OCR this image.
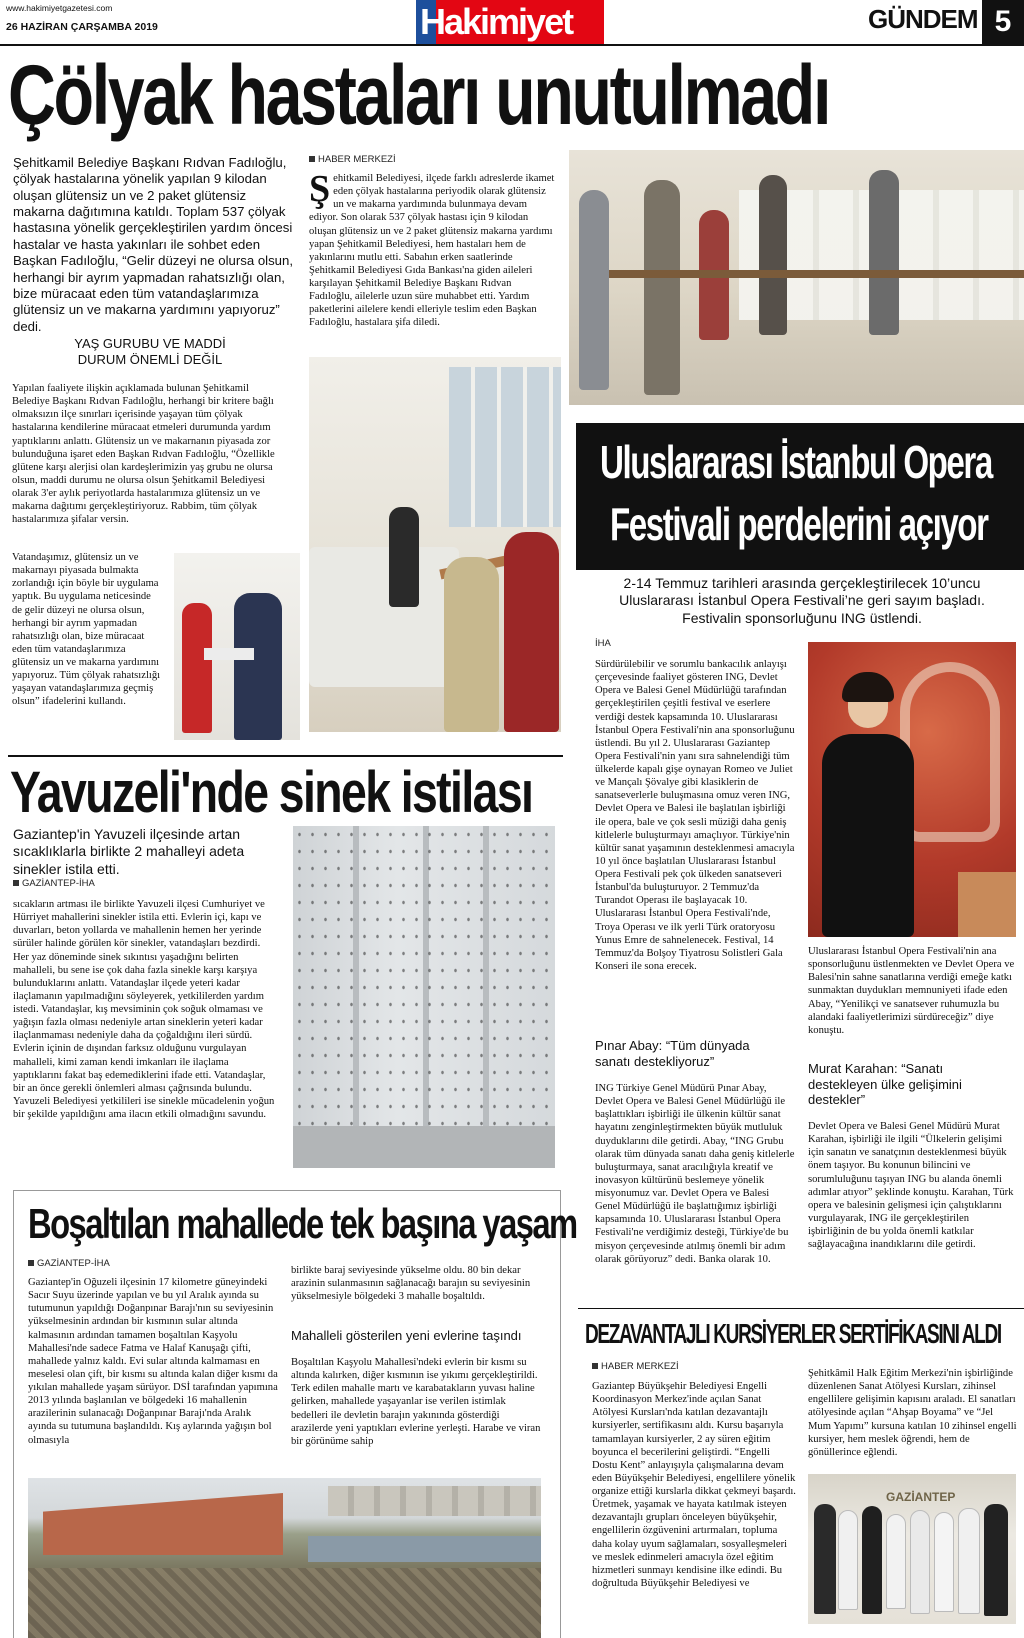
www.hakimiyetgazetesi.com
26 HAZİRAN ÇARŞAMBA 2019	Hakimiyet	GÜNDEM 5
Çölyak hastaları unutulmadı
Şehitkamil Belediye Başkanı Rıdvan Fadıloğlu, çölyak hastalarına yönelik yapılan 9 kilodan oluşan glütensiz un ve 2 paket glütensiz makarna dağıtımına katıldı. Toplam 537 çölyak hastasına yönelik gerçekleştirilen yardım öncesi hastalar ve hasta yakınları ile sohbet eden Başkan Fadıloğlu, “Gelir düzeyi ne olursa olsun, herhangi bir ayrım yapmadan rahatsızlığı olan, bize müracaat eden tüm vatandaşlarımıza glütensiz un ve makarna yardımını yapıyoruz” dedi.
YAŞ GURUBU VE MADDİ DURUM ÖNEMLİ DEĞİL
HABER MERKEZİ
Şehitkamil Belediyesi, ilçede farklı adreslerde ikamet eden çölyak hastalarına periyodik olarak glütensiz un ve makarna yardımında bulunmaya devam ediyor. Son olarak 537 çölyak hastası için 9 kilodan oluşan glütensiz un ve 2 paket glütensiz makarna yardımı yapan Şehitkamil Belediyesi, hem hastaları hem de yakınlarını mutlu etti. Sabahın erken saatlerinde Şehitkamil Belediyesi Gıda Bankası'na giden aileleri karşılayan Şehitkamil Belediye Başkanı Rıdvan Fadıloğlu, ailelerle uzun süre muhabbet etti. Yardım paketlerini ailelere kendi elleriyle teslim eden Başkan Fadıloğlu, hastalara şifa diledi.
Yapılan faaliyete ilişkin açıklamada bulunan Şehitkamil Belediye Başkanı Rıdvan Fadıloğlu, herhangi bir kritere bağlı olmaksızın ilçe sınırları içerisinde yaşayan tüm çölyak hastalarına kendilerine müracaat etmeleri durumunda yardım yaptıklarını anlattı. Glütensiz un ve makarnanın piyasada zor bulunduğuna işaret eden Başkan Rıdvan Fadıloğlu, “Özellikle glütene karşı alerjisi olan kardeşlerimizin yaş grubu ne olursa olsun, maddi durumu ne olursa olsun Şehitkamil Belediyesi olarak 3'er aylık periyotlarda hastalarımıza glütensiz un ve makarna dağıtımı gerçekleştiriyoruz. Rabbim, tüm çölyak hastalarımıza şifalar versin.
Vatandaşımız, glütensiz un ve makarnayı piyasada bulmakta zorlandığı için böyle bir uygulama yaptık. Bu uygulama neticesinde de gelir düzeyi ne olursa olsun, herhangi bir ayrım yapmadan rahatsızlığı olan, bize müracaat eden tüm vatandaşlarımıza glütensiz un ve makarna yardımını yapıyoruz. Tüm çölyak rahatsızlığı yaşayan vatandaşlarımıza geçmiş olsun” ifadelerini kullandı.
Uluslararası İstanbul Opera
Festivali perdelerini açıyor
2-14 Temmuz tarihleri arasında gerçekleştirilecek 10’uncu Uluslararası İstanbul Opera Festivali’ne geri sayım başladı. Festivalin sponsorluğunu ING üstlendi.
İHA
Sürdürülebilir ve sorumlu bankacılık anlayışı çerçevesinde faaliyet gösteren ING, Devlet Opera ve Balesi Genel Müdürlüğü tarafından gerçekleştirilen çeşitli festival ve eserlere verdiği destek kapsamında 10. Uluslararası İstanbul Opera Festivali'nin ana sponsorluğunu üstlendi. Bu yıl 2. Uluslararası Gaziantep Opera Festivali'nin yanı sıra sahnelendiği tüm ülkelerde kapalı gişe oynayan Romeo ve Juliet ve Mançalı Şövalye gibi klasiklerin de sanatseverlerle buluşmasına omuz veren ING, Devlet Opera ve Balesi ile başlatılan işbirliği ile opera, bale ve çok sesli müziği daha geniş kitlelerle buluşturmayı amaçlıyor. Türkiye'nin kültür sanat yaşamının desteklenmesi amacıyla 10 yıl önce başlatılan Uluslararası İstanbul Opera Festivali pek çok ülkeden sanatseveri İstanbul'da buluşturuyor. 2 Temmuz'da Turandot Operası ile başlayacak 10. Uluslararası İstanbul Opera Festivali'nde, Troya Operası ve ilk yerli Türk oratoryosu Yunus Emre de sahnelenecek. Festival, 14 Temmuz'da Bolşoy Tiyatrosu Solistleri Gala Konseri ile sona erecek.
Pınar Abay: “Tüm dünyada sanatı destekliyoruz”
ING Türkiye Genel Müdürü Pınar Abay, Devlet Opera ve Balesi Genel Müdürlüğü ile başlattıkları işbirliği ile ülkenin kültür sanat hayatını zenginleştirmekten büyük mutluluk duyduklarını dile getirdi. Abay, “ING Grubu olarak tüm dünyada sanatı daha geniş kitlelerle buluşturmaya, sanat aracılığıyla kreatif ve inovasyon kültürünü beslemeye yönelik misyonumuz var. Devlet Opera ve Balesi Genel Müdürlüğü ile başlattığımız işbirliği kapsamında 10. Uluslararası İstanbul Opera Festivali'ne verdiğimiz desteği, Türkiye'de bu misyon çerçevesinde atılmış önemli bir adım olarak görüyoruz” dedi. Banka olarak 10.
Uluslararası İstanbul Opera Festivali'nin ana sponsorluğunu üstlenmekten ve Devlet Opera ve Balesi'nin sahne sanatlarına verdiği emeğe katkı sunmaktan duydukları memnuniyeti ifade eden Abay, “Yenilikçi ve sanatsever ruhumuzla bu alandaki faaliyetlerimizi sürdüreceğiz” diye konuştu.
Murat Karahan: “Sanatı destekleyen ülke gelişimini destekler”
Devlet Opera ve Balesi Genel Müdürü Murat Karahan, işbirliği ile ilgili “Ülkelerin gelişimi için sanatın ve sanatçının desteklenmesi büyük önem taşıyor. Bu konunun bilincini ve sorumluluğunu taşıyan ING bu alanda önemli adımlar atıyor” şeklinde konuştu. Karahan, Türk opera ve balesinin gelişmesi için çalıştıklarını vurgulayarak, ING ile gerçekleştirilen işbirliğinin de bu yolda önemli katkılar sağlayacağına inandıklarını dile getirdi.
Yavuzeli'nde sinek istilası
Gaziantep'in Yavuzeli ilçesinde artan sıcaklıklarla birlikte 2 mahalleyi adeta sinekler istila etti.
GAZİANTEP-İHA
sıcakların artması ile birlikte Yavuzeli ilçesi Cumhuriyet ve Hürriyet mahallerini sinekler istila etti. Evlerin içi, kapı ve duvarları, beton yollarda ve mahallenin hemen her yerinde sürüler halinde görülen kör sinekler, vatandaşları bezdirdi. Her yaz döneminde sinek sıkıntısı yaşadığını belirten mahalleli, bu sene ise çok daha fazla sinekle karşı karşıya bulunduklarını anlattı. Vatandaşlar ilçede yeteri kadar ilaçlamanın yapılmadığını söyleyerek, yetkililerden yardım istedi. Vatandaşlar, kış mevsiminin çok soğuk olmaması ve yağışın fazla olması nedeniyle artan sineklerin yeteri kadar ilaçlanmaması nedeniyle daha da çoğaldığını ileri sürdü. Evlerin içinin de dışından farksız olduğunu vurgulayan mahalleli, kimi zaman kendi imkanları ile ilaçlama yaptıklarını fakat baş edemediklerini ifade etti. Vatandaşlar, bir an önce gerekli önlemleri alması çağrısında bulundu. Yavuzeli Belediyesi yetkilileri ise sinekle mücadelenin yoğun bir şekilde yapıldığını ama ilacın etkili olmadığını savundu.
Boşaltılan mahallede tek başına yaşam
GAZİANTEP-İHA
Gaziantep'in Oğuzeli ilçesinin 17 kilometre güneyindeki Sacır Suyu üzerinde yapılan ve bu yıl Aralık ayında su tutumunun yapıldığı Doğanpınar Barajı'nın su seviyesinin yükselmesinin ardından bir kısmının sular altında kalmasının ardından tamamen boşaltılan Kaşyolu Mahallesi'nde sadece Fatma ve Halaf Kanuşağı çifti, mahallede yalnız kaldı. Evi sular altında kalmaması en meselesi olan çift, bir kısmı su altında kalan diğer kısmı da yıkılan mahallede yaşam sürüyor. DSİ tarafından yapımına 2013 yılında başlanılan ve bölgedeki 16 mahallenin arazilerinin sulanacağı Doğanpınar Barajı'nda Aralık ayında su tutumuna başlandıldı. Kış aylarında yağışın bol olmasıyla
birlikte baraj seviyesinde yükselme oldu. 80 bin dekar arazinin sulanmasının sağlanacağı barajın su seviyesinin yükselmesiyle bölgedeki 3 mahalle boşaltıldı.
Mahalleli gösterilen yeni evlerine taşındı
Boşaltılan Kaşyolu Mahallesi'ndeki evlerin bir kısmı su altında kalırken, diğer kısmının ise yıkımı gerçekleştirildi. Terk edilen mahalle martı ve karabatakların yuvası haline gelirken, mahallede yaşayanlar ise verilen istimlak bedelleri ile devletin barajın yakınında gösterdiği arazilerde yeni yaptıkları evlerine yerleşti. Harabe ve viran bir görünüme sahip
DEZAVANTAJLI KURSİYERLER SERTİFİKASINI ALDI
HABER MERKEZİ
Gaziantep Büyükşehir Belediyesi Engelli Koordinasyon Merkez'inde açılan Sanat Atölyesi Kursları'nda katılan dezavantajlı kursiyerler, sertifikasını aldı. Kursu başarıyla tamamlayan kursiyerler, 2 ay süren eğitim boyunca el becerilerini geliştirdi. “Engelli Dostu Kent” anlayışıyla çalışmalarına devam eden Büyükşehir Belediyesi, engellilere yönelik organize ettiği kurslarla dikkat çekmeyi başardı. Üretmek, yaşamak ve hayata katılmak isteyen dezavantajlı grupları önceleyen büyükşehir, engellilerin özgüvenini artırmaları, topluma daha kolay uyum sağlamaları, sosyalleşmeleri ve meslek edinmeleri amacıyla özel eğitim hizmetleri sunmayı kendisine ilke edindi. Bu doğrultuda Büyükşehir Belediyesi ve
Şehitkâmil Halk Eğitim Merkezi'nin işbirliğinde düzenlenen Sanat Atölyesi Kursları, zihinsel engellilere gelişimin kapısını araladı. El sanatları atölyesinde açılan “Ahşap Boyama” ve “Jel Mum Yapımı” kursuna katılan 10 zihinsel engelli kursiyer, hem meslek öğrendi, hem de gönüllerince eğlendi.
GAZİANTEP
